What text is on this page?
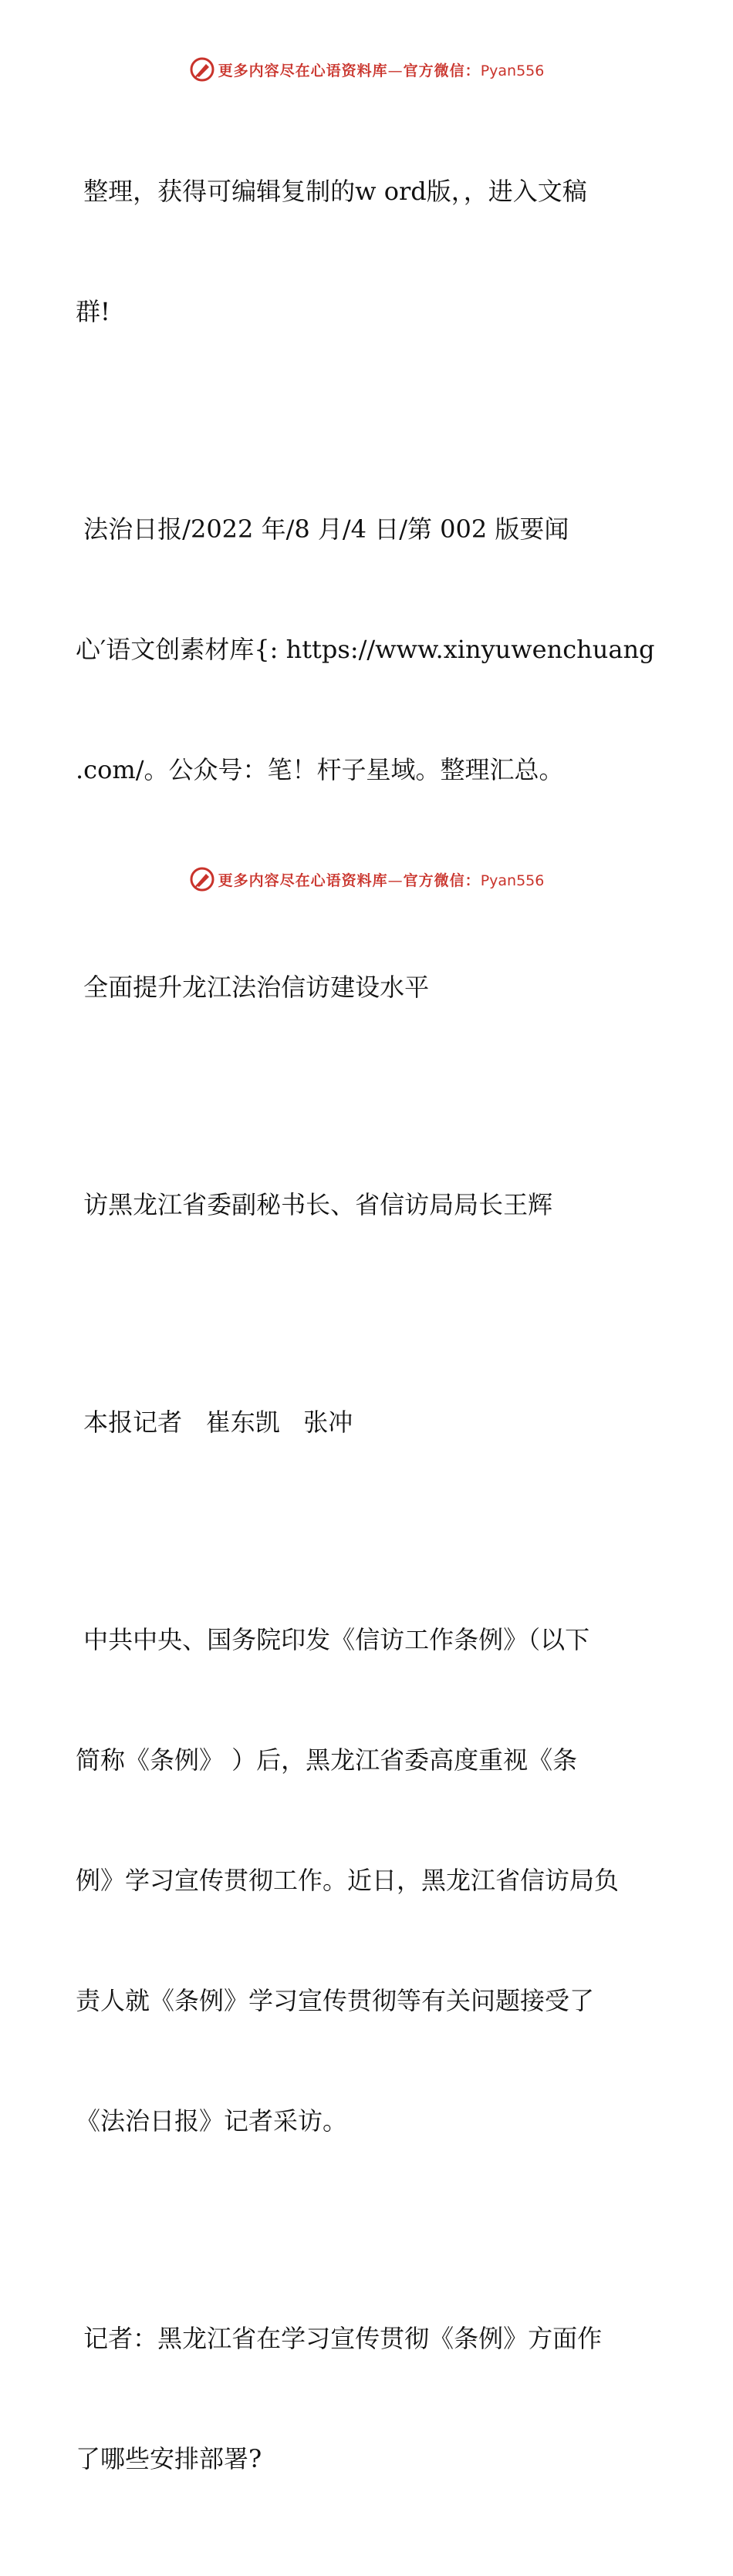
更多内容尽在心语资料库—官方微信：Pyan556

整理，获得可编辑复制的w ord版，，进入文稿

群!

法治日报/2022 年/8 月/4 日/第 002 版要闻

心′语文创素材库{: https://www.xinyuwenchuang

.com/。公众号：笔！杆子星域。整理汇总。

全面提升龙江法治信访建设水平

访黑龙江省委副秘书长、省信访局局长王辉

本报记者   崔东凯   张冲

中共中央、国务院印发《信访工作条例》（以下

简称《条例》 ）后，黑龙江省委高度重视《条

例》学习宣传贯彻工作。近日，黑龙江省信访局负

责人就《条例》学习宣传贯彻等有关问题接受了

《法治日报》记者采访。

记者：黑龙江省在学习宣传贯彻《条例》方面作

了哪些安排部署?

更多内容尽在心语资料库—官方微信：Pyan556
